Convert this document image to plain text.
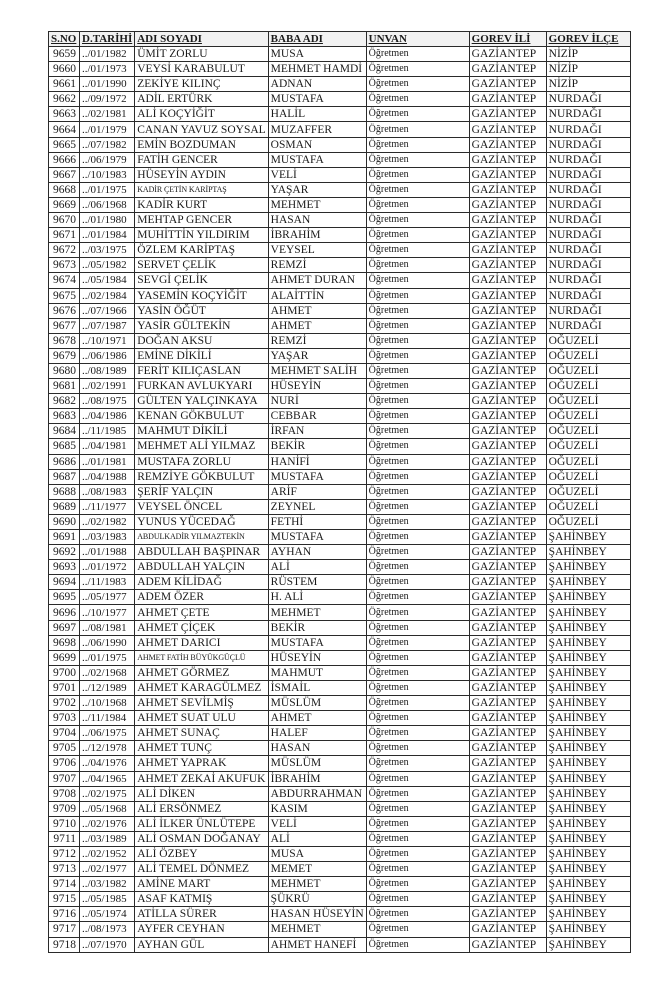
S.NO	D.TARİHİ	ADI SOYADI	BABA ADI	UNVAN	GOREV İLİ	GOREV İLÇE
9659	../01/1982	ÜMİT ZORLU	MUSA	Öğretmen	GAZİANTEP	NİZİP
9660	../01/1973	VEYSİ KARABULUT	MEHMET HAMDİ	Öğretmen	GAZİANTEP	NİZİP
9661	../01/1990	ZEKİYE KILINÇ	ADNAN	Öğretmen	GAZİANTEP	NİZİP
9662	../09/1972	ADİL ERTÜRK	MUSTAFA	Öğretmen	GAZİANTEP	NURDAĞI
9663	../02/1981	ALİ KOÇYİĞİT	HALİL	Öğretmen	GAZİANTEP	NURDAĞI
9664	../01/1979	CANAN YAVUZ SOYSAL	MUZAFFER	Öğretmen	GAZİANTEP	NURDAĞI
9665	../07/1982	EMİN BOZDUMAN	OSMAN	Öğretmen	GAZİANTEP	NURDAĞI
9666	../06/1979	FATİH GENCER	MUSTAFA	Öğretmen	GAZİANTEP	NURDAĞI
9667	../10/1983	HÜSEYİN AYDIN	VELİ	Öğretmen	GAZİANTEP	NURDAĞI
9668	../01/1975	KADİR ÇETİN KARİPTAŞ	YAŞAR	Öğretmen	GAZİANTEP	NURDAĞI
9669	../06/1968	KADİR KURT	MEHMET	Öğretmen	GAZİANTEP	NURDAĞI
9670	../01/1980	MEHTAP GENCER	HASAN	Öğretmen	GAZİANTEP	NURDAĞI
9671	../01/1984	MUHİTTİN YILDIRIM	İBRAHİM	Öğretmen	GAZİANTEP	NURDAĞI
9672	../03/1975	ÖZLEM KARİPTAŞ	VEYSEL	Öğretmen	GAZİANTEP	NURDAĞI
9673	../05/1982	SERVET ÇELİK	REMZİ	Öğretmen	GAZİANTEP	NURDAĞI
9674	../05/1984	SEVGİ ÇELİK	AHMET DURAN	Öğretmen	GAZİANTEP	NURDAĞI
9675	../02/1984	YASEMİN KOÇYİĞİT	ALAİTTİN	Öğretmen	GAZİANTEP	NURDAĞI
9676	../07/1966	YASİN ÖĞÜT	AHMET	Öğretmen	GAZİANTEP	NURDAĞI
9677	../07/1987	YASİR GÜLTEKİN	AHMET	Öğretmen	GAZİANTEP	NURDAĞI
9678	../10/1971	DOĞAN AKSU	REMZİ	Öğretmen	GAZİANTEP	OĞUZELİ
9679	../06/1986	EMİNE DİKİLİ	YAŞAR	Öğretmen	GAZİANTEP	OĞUZELİ
9680	../08/1989	FERİT KILIÇASLAN	MEHMET SALİH	Öğretmen	GAZİANTEP	OĞUZELİ
9681	../02/1991	FURKAN AVLUKYARI	HÜSEYİN	Öğretmen	GAZİANTEP	OĞUZELİ
9682	../08/1975	GÜLTEN YALÇINKAYA	NURİ	Öğretmen	GAZİANTEP	OĞUZELİ
9683	../04/1986	KENAN GÖKBULUT	CEBBAR	Öğretmen	GAZİANTEP	OĞUZELİ
9684	../11/1985	MAHMUT DİKİLİ	İRFAN	Öğretmen	GAZİANTEP	OĞUZELİ
9685	../04/1981	MEHMET ALİ YILMAZ	BEKİR	Öğretmen	GAZİANTEP	OĞUZELİ
9686	../01/1981	MUSTAFA ZORLU	HANİFİ	Öğretmen	GAZİANTEP	OĞUZELİ
9687	../04/1988	REMZİYE GÖKBULUT	MUSTAFA	Öğretmen	GAZİANTEP	OĞUZELİ
9688	../08/1983	ŞERİF YALÇIN	ARİF	Öğretmen	GAZİANTEP	OĞUZELİ
9689	../11/1977	VEYSEL ÖNCEL	ZEYNEL	Öğretmen	GAZİANTEP	OĞUZELİ
9690	../02/1982	YUNUS YÜCEDAĞ	FETHİ	Öğretmen	GAZİANTEP	OĞUZELİ
9691	../03/1983	ABDULKADİR YILMAZTEKİN	MUSTAFA	Öğretmen	GAZİANTEP	ŞAHİNBEY
9692	../01/1988	ABDULLAH BAŞPINAR	AYHAN	Öğretmen	GAZİANTEP	ŞAHİNBEY
9693	../01/1972	ABDULLAH YALÇIN	ALİ	Öğretmen	GAZİANTEP	ŞAHİNBEY
9694	../11/1983	ADEM KİLİDAĞ	RÜSTEM	Öğretmen	GAZİANTEP	ŞAHİNBEY
9695	../05/1977	ADEM ÖZER	H. ALİ	Öğretmen	GAZİANTEP	ŞAHİNBEY
9696	../10/1977	AHMET ÇETE	MEHMET	Öğretmen	GAZİANTEP	ŞAHİNBEY
9697	../08/1981	AHMET ÇİÇEK	BEKİR	Öğretmen	GAZİANTEP	ŞAHİNBEY
9698	../06/1990	AHMET DARICI	MUSTAFA	Öğretmen	GAZİANTEP	ŞAHİNBEY
9699	../01/1975	AHMET FATİH BÜYÜKGÜÇLÜ	HÜSEYİN	Öğretmen	GAZİANTEP	ŞAHİNBEY
9700	../02/1968	AHMET GÖRMEZ	MAHMUT	Öğretmen	GAZİANTEP	ŞAHİNBEY
9701	../12/1989	AHMET KARAGÜLMEZ	İSMAİL	Öğretmen	GAZİANTEP	ŞAHİNBEY
9702	../10/1968	AHMET SEVİLMİŞ	MÜSLÜM	Öğretmen	GAZİANTEP	ŞAHİNBEY
9703	../11/1984	AHMET SUAT ULU	AHMET	Öğretmen	GAZİANTEP	ŞAHİNBEY
9704	../06/1975	AHMET SUNAÇ	HALEF	Öğretmen	GAZİANTEP	ŞAHİNBEY
9705	../12/1978	AHMET TUNÇ	HASAN	Öğretmen	GAZİANTEP	ŞAHİNBEY
9706	../04/1976	AHMET YAPRAK	MÜSLÜM	Öğretmen	GAZİANTEP	ŞAHİNBEY
9707	../04/1965	AHMET ZEKAİ AKUFUK	İBRAHİM	Öğretmen	GAZİANTEP	ŞAHİNBEY
9708	../02/1975	ALİ DİKEN	ABDURRAHMAN	Öğretmen	GAZİANTEP	ŞAHİNBEY
9709	../05/1968	ALİ ERSÖNMEZ	KASIM	Öğretmen	GAZİANTEP	ŞAHİNBEY
9710	../02/1976	ALİ İLKER ÜNLÜTEPE	VELİ	Öğretmen	GAZİANTEP	ŞAHİNBEY
9711	../03/1989	ALİ OSMAN DOĞANAY	ALİ	Öğretmen	GAZİANTEP	ŞAHİNBEY
9712	../02/1952	ALİ ÖZBEY	MUSA	Öğretmen	GAZİANTEP	ŞAHİNBEY
9713	../02/1977	ALİ TEMEL DÖNMEZ	MEMET	Öğretmen	GAZİANTEP	ŞAHİNBEY
9714	../03/1982	AMİNE MART	MEHMET	Öğretmen	GAZİANTEP	ŞAHİNBEY
9715	../05/1985	ASAF KATMIŞ	ŞÜKRÜ	Öğretmen	GAZİANTEP	ŞAHİNBEY
9716	../05/1974	ATİLLA SÜRER	HASAN HÜSEYİN	Öğretmen	GAZİANTEP	ŞAHİNBEY
9717	../08/1973	AYFER CEYHAN	MEHMET	Öğretmen	GAZİANTEP	ŞAHİNBEY
9718	../07/1970	AYHAN GÜL	AHMET HANEFİ	Öğretmen	GAZİANTEP	ŞAHİNBEY
